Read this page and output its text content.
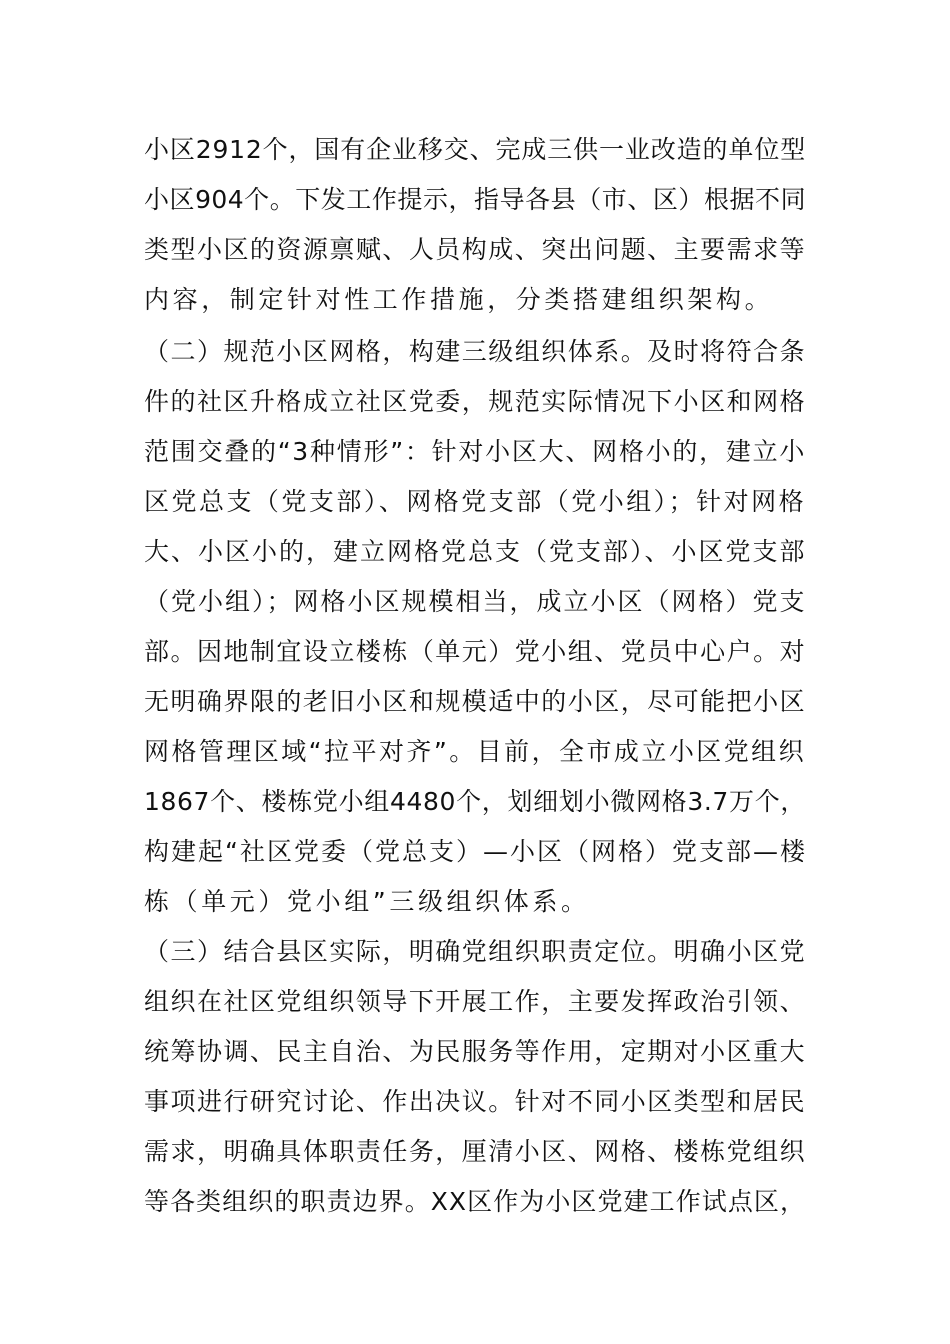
小区2912个，国有企业移交、完成三供一业改造的单位型
小区904个。下发工作提示，指导各县（市、区）根据不同
类型小区的资源禀赋、人员构成、突出问题、主要需求等
内容，制定针对性工作措施，分类搭建组织架构。
（二）规范小区网格，构建三级组织体系。及时将符合条
件的社区升格成立社区党委，规范实际情况下小区和网格
范围交叠的“3种情形”：针对小区大、网格小的，建立小
区党总支（党支部）、网格党支部（党小组）；针对网格
大、小区小的，建立网格党总支（党支部）、小区党支部
（党小组）；网格小区规模相当，成立小区（网格）党支
部。因地制宜设立楼栋（单元）党小组、党员中心户。对
无明确界限的老旧小区和规模适中的小区，尽可能把小区
网格管理区域“拉平对齐”。目前，全市成立小区党组织
1867个、楼栋党小组4480个，划细划小微网格3.7万个，
构建起“社区党委（党总支）—小区（网格）党支部—楼
栋（单元）党小组”三级组织体系。
（三）结合县区实际，明确党组织职责定位。明确小区党
组织在社区党组织领导下开展工作，主要发挥政治引领、
统筹协调、民主自治、为民服务等作用，定期对小区重大
事项进行研究讨论、作出决议。针对不同小区类型和居民
需求，明确具体职责任务，厘清小区、网格、楼栋党组织
等各类组织的职责边界。XX区作为小区党建工作试点区，
